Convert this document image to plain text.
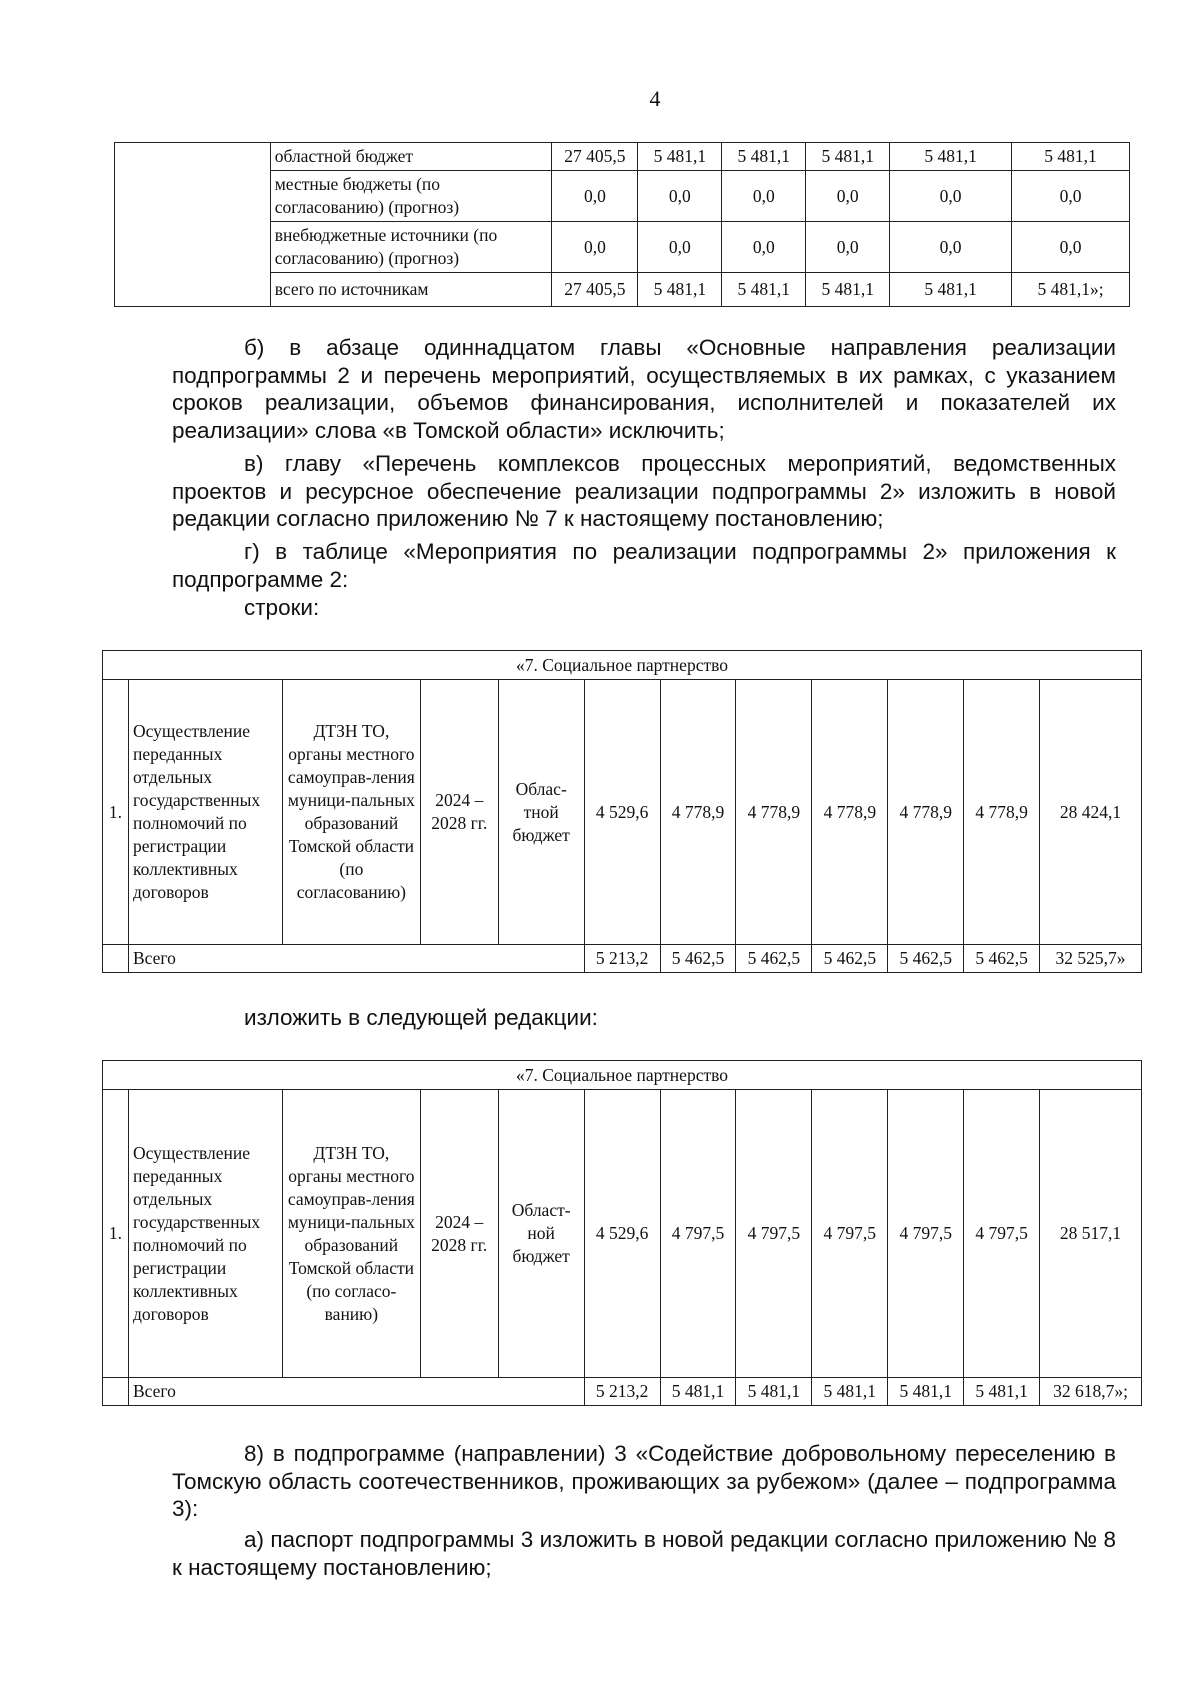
4
	областной бюджет	27 405,5	5 481,1	5 481,1	5 481,1	5 481,1	5 481,1
	местные бюджеты (по согласованию) (прогноз)	0,0	0,0	0,0	0,0	0,0	0,0
	внебюджетные источники (по согласованию) (прогноз)	0,0	0,0	0,0	0,0	0,0	0,0
	всего по источникам	27 405,5	5 481,1	5 481,1	5 481,1	5 481,1	5 481,1»;

б) в абзаце одиннадцатом главы «Основные направления реализации подпрограммы 2 и перечень мероприятий, осуществляемых в их рамках, с указанием сроков реализации, объемов финансирования, исполнителей и показателей их реализации» слова «в Томской области» исключить;

в) главу «Перечень комплексов процессных мероприятий, ведомственных проектов и ресурсное обеспечение реализации подпрограммы 2» изложить в новой редакции согласно приложению № 7 к настоящему постановлению;

г) в таблице «Мероприятия по реализации подпрограммы 2» приложения к подпрограмме 2:

строки:

«7. Социальное партнерство											
1.	Осуществление переданных отдельных государственных полномочий по регистрации коллективных договоров	ДТЗН ТО, органы местного самоуправ-ления муници-пальных образований Томской области (по согласованию)	2024 – 2028 гг.	Облас-тной бюджет	4 529,6	4 778,9	4 778,9	4 778,9	4 778,9	4 778,9	28 424,1
	Всего				5 213,2	5 462,5	5 462,5	5 462,5	5 462,5	5 462,5	32 525,7»

изложить в следующей редакции:

«7. Социальное партнерство											
1.	Осуществление переданных отдельных государственных полномочий по регистрации коллективных договоров	ДТЗН ТО, органы местного самоуправ-ления муници-пальных образований Томской области (по согласо-ванию)	2024 – 2028 гг.	Област-ной бюджет	4 529,6	4 797,5	4 797,5	4 797,5	4 797,5	4 797,5	28 517,1
	Всего				5 213,2	5 481,1	5 481,1	5 481,1	5 481,1	5 481,1	32 618,7»;

8) в подпрограмме (направлении) 3 «Содействие добровольному переселению в Томскую область соотечественников, проживающих за рубежом» (далее – подпрограмма 3):

а) паспорт подпрограммы 3 изложить в новой редакции согласно приложению № 8 к настоящему постановлению;
